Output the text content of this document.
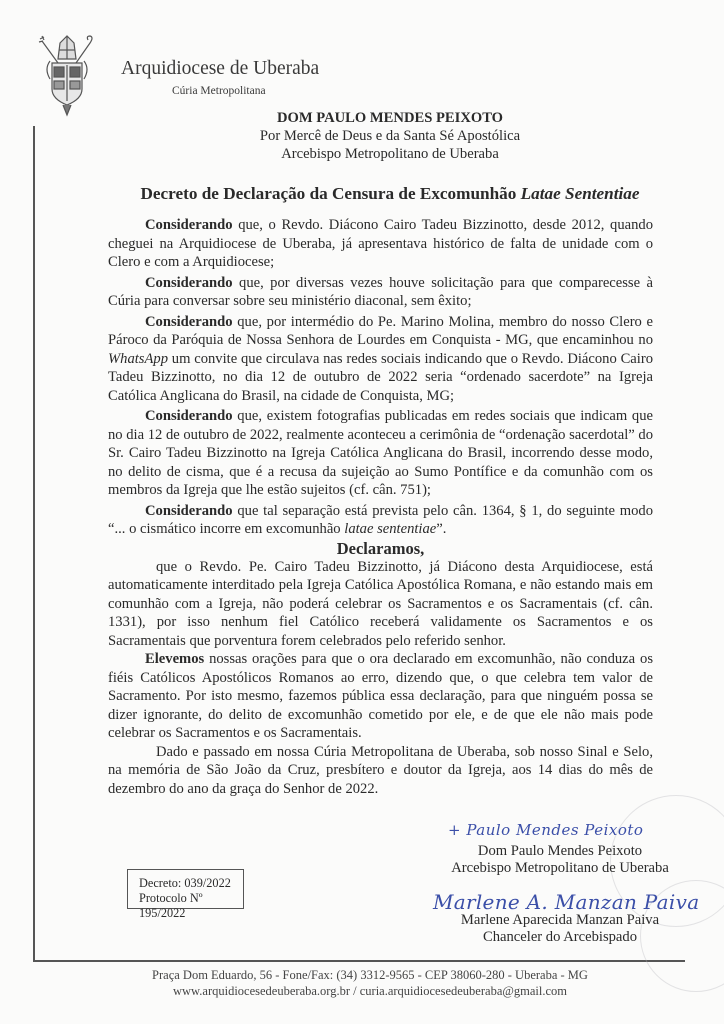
Arquidiocese de Uberaba
Cúria Metropolitana
DOM PAULO MENDES PEIXOTO
Por Mercê de Deus e da Santa Sé Apostólica
Arcebispo Metropolitano de Uberaba
Decreto de Declaração da Censura de Excomunhão Latae Sententiae

Considerando que, o Revdo. Diácono Cairo Tadeu Bizzinotto, desde 2012, quando cheguei na Arquidiocese de Uberaba, já apresentava histórico de falta de unidade com o Clero e com a Arquidiocese;

Considerando que, por diversas vezes houve solicitação para que comparecesse à Cúria para conversar sobre seu ministério diaconal, sem êxito;

Considerando que, por intermédio do Pe. Marino Molina, membro do nosso Clero e Pároco da Paróquia de Nossa Senhora de Lourdes em Conquista - MG, que encaminhou no WhatsApp um convite que circulava nas redes sociais indicando que o Revdo. Diácono Cairo Tadeu Bizzinotto, no dia 12 de outubro de 2022 seria “ordenado sacerdote” na Igreja Católica Anglicana do Brasil, na cidade de Conquista, MG;

Considerando que, existem fotografias publicadas em redes sociais que indicam que no dia 12 de outubro de 2022, realmente aconteceu a cerimônia de “ordenação sacerdotal” do Sr. Cairo Tadeu Bizzinotto na Igreja Católica Anglicana do Brasil, incorrendo desse modo, no delito de cisma, que é a recusa da sujeição ao Sumo Pontífice e da comunhão com os membros da Igreja que lhe estão sujeitos (cf. cân. 751);

Considerando que tal separação está prevista pelo cân. 1364, § 1, do seguinte modo “... o cismático incorre em excomunhão latae sententiae”.

Declaramos,

que o Revdo. Pe. Cairo Tadeu Bizzinotto, já Diácono desta Arquidiocese, está automaticamente interditado pela Igreja Católica Apostólica Romana, e não estando mais em comunhão com a Igreja, não poderá celebrar os Sacramentos e os Sacramentais (cf. cân. 1331), por isso nenhum fiel Católico receberá validamente os Sacramentos e os Sacramentais que porventura forem celebrados pelo referido senhor.

Elevemos nossas orações para que o ora declarado em excomunhão, não conduza os fiéis Católicos Apostólicos Romanos ao erro, dizendo que, o que celebra tem valor de Sacramento. Por isto mesmo, fazemos pública essa declaração, para que ninguém possa se dizer ignorante, do delito de excomunhão cometido por ele, e de que ele não mais pode celebrar os Sacramentos e os Sacramentais.

Dado e passado em nossa Cúria Metropolitana de Uberaba, sob nosso Sinal e Selo, na memória de São João da Cruz, presbítero e doutor da Igreja, aos 14 dias do mês de dezembro do ano da graça do Senhor de 2022.

+ Paulo Mendes Peixoto
Dom Paulo Mendes Peixoto
Arcebispo Metropolitano de Uberaba
Marlene A. Manzan Paiva
Marlene Aparecida Manzan Paiva
Chanceler do Arcebispado
Decreto: 039/2022
Protocolo Nº 195/2022
Praça Dom Eduardo, 56 - Fone/Fax: (34) 3312-9565 - CEP 38060-280 - Uberaba - MG
www.arquidiocesedeuberaba.org.br / curia.arquidiocesedeuberaba@gmail.com
